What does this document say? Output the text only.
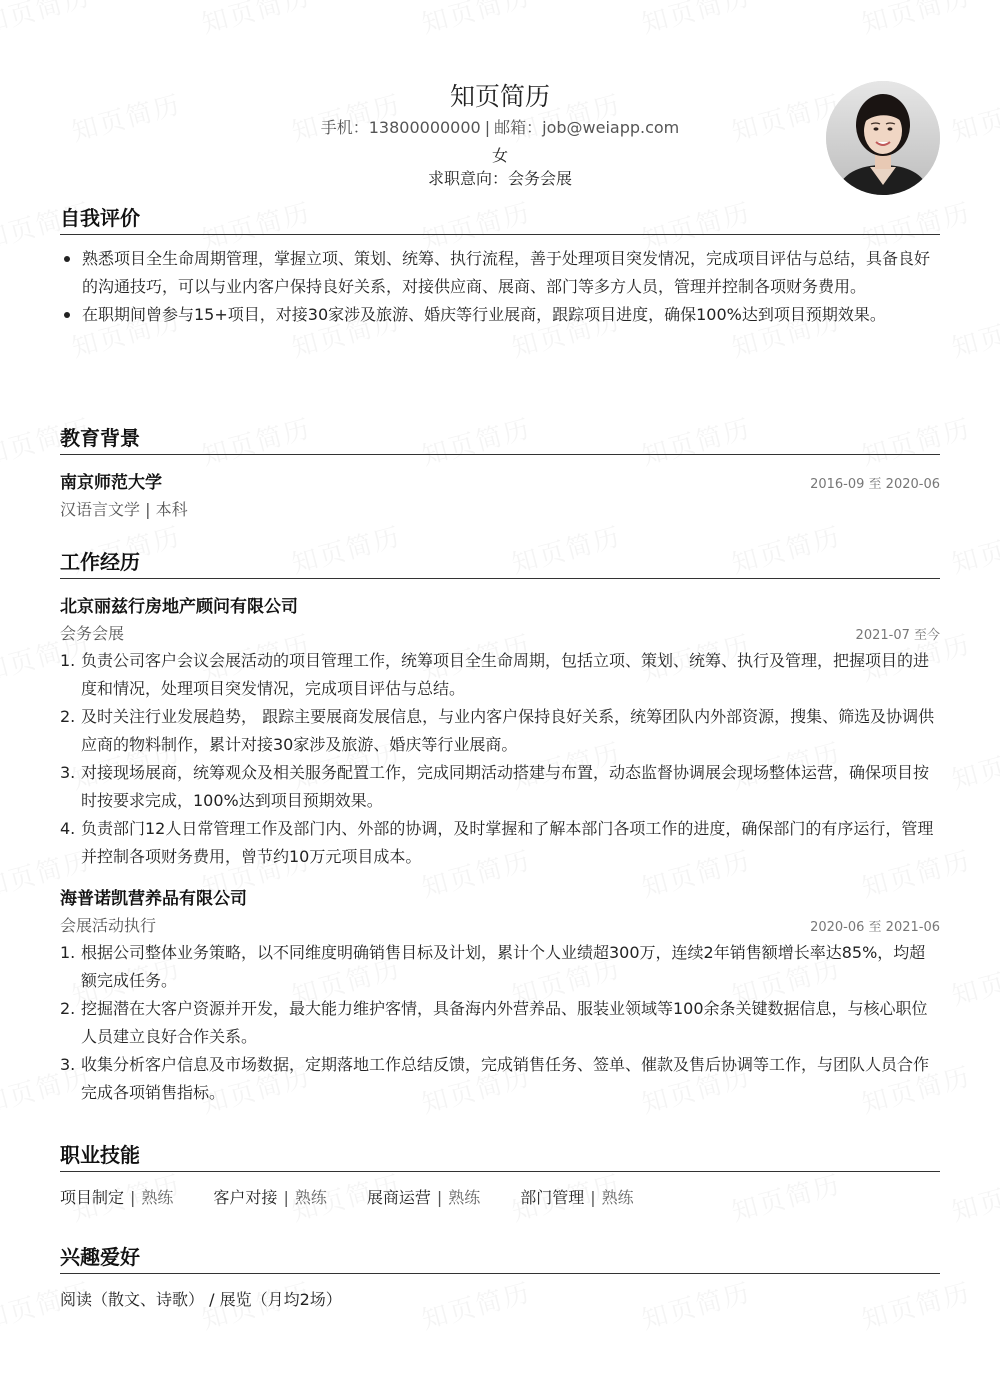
知页简历
手机：13800000000 | 邮箱：job@weiapp.com
女
求职意向：会务会展
自我评价
熟悉项目全生命周期管理，掌握立项、策划、统筹、执行流程，善于处理项目突发情况，完成项目评估与总结，具备良好的沟通技巧，可以与业内客户保持良好关系，对接供应商、展商、部门等多方人员，管理并控制各项财务费用。
在职期间曾参与15+项目，对接30家涉及旅游、婚庆等行业展商，跟踪项目进度，确保100%达到项目预期效果。
教育背景
南京师范大学	2016-09 至 2020-06
汉语言文学 | 本科
工作经历
北京丽兹行房地产顾问有限公司
会务会展	2021-07 至今
1. 负责公司客户会议会展活动的项目管理工作，统筹项目全生命周期，包括立项、策划、统筹、执行及管理，把握项目的进度和情况，处理项目突发情况，完成项目评估与总结。
2. 及时关注行业发展趋势， 跟踪主要展商发展信息，与业内客户保持良好关系，统筹团队内外部资源，搜集、筛选及协调供应商的物料制作，累计对接30家涉及旅游、婚庆等行业展商。
3. 对接现场展商，统筹观众及相关服务配置工作，完成同期活动搭建与布置，动态监督协调展会现场整体运营，确保项目按时按要求完成，100%达到项目预期效果。
4. 负责部门12人日常管理工作及部门内、外部的协调，及时掌握和了解本部门各项工作的进度，确保部门的有序运行，管理并控制各项财务费用，曾节约10万元项目成本。
海普诺凯营养品有限公司
会展活动执行	2020-06 至 2021-06
1. 根据公司整体业务策略，以不同维度明确销售目标及计划，累计个人业绩超300万，连续2年销售额增长率达85%，均超额完成任务。
2. 挖掘潜在大客户资源并开发，最大能力维护客情，具备海内外营养品、服装业领域等100余条关键数据信息，与核心职位人员建立良好合作关系。
3. 收集分析客户信息及市场数据，定期落地工作总结反馈，完成销售任务、签单、催款及售后协调等工作，与团队人员合作完成各项销售指标。
职业技能
项目制定 | 熟练	客户对接 | 熟练	展商运营 | 熟练	部门管理 | 熟练
兴趣爱好
阅读（散文、诗歌） / 展览（月均2场）
